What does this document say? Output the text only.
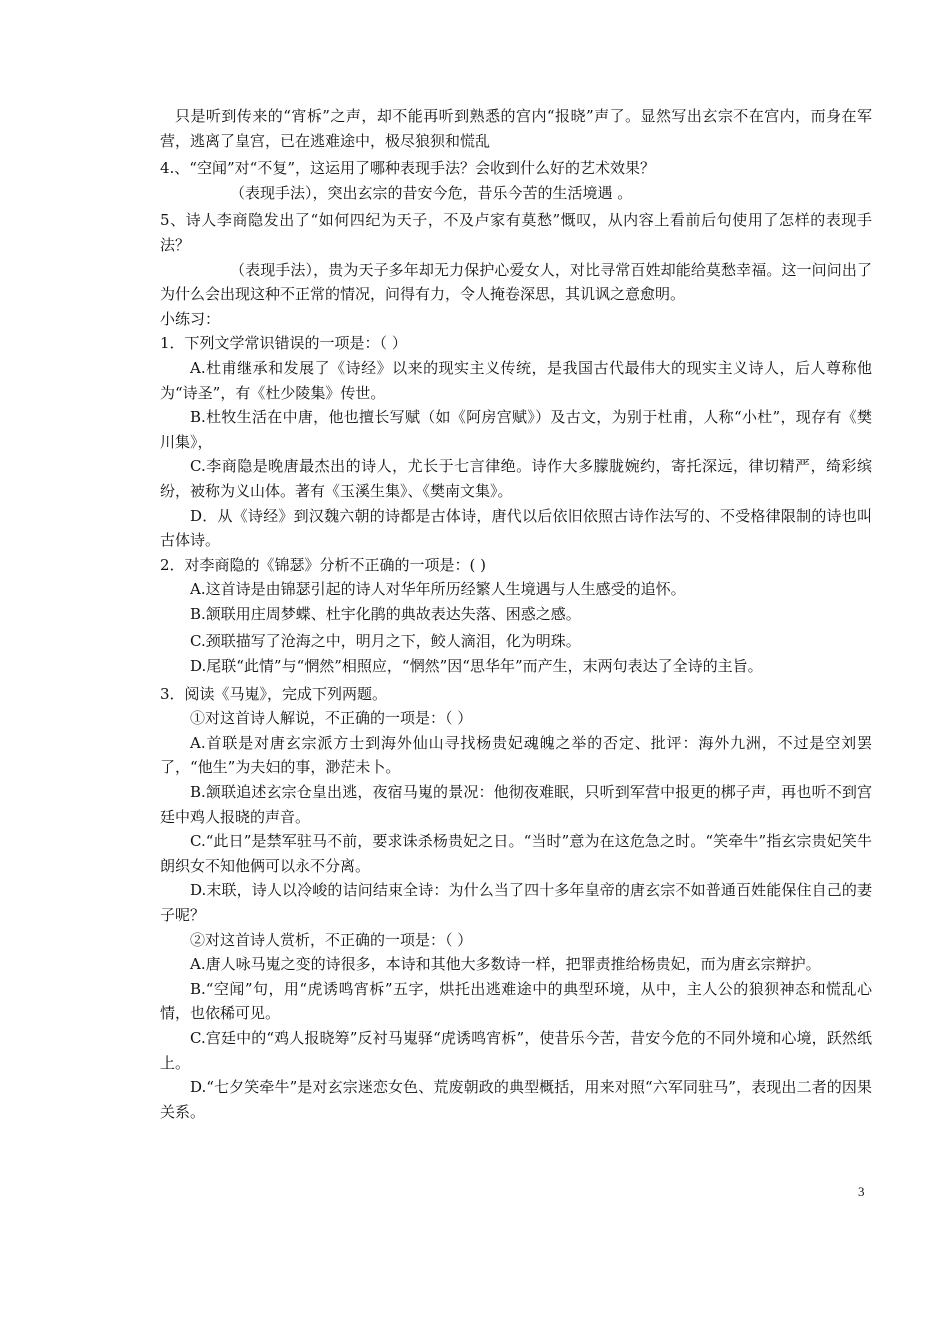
只是听到传来的“宵柝”之声，却不能再听到熟悉的宫内“报晓”声了。显然写出玄宗不在宫内，而身在军营，逃离了皇宫，已在逃难途中，极尽狼狈和慌乱

4.、“空闻”对“不复”，这运用了哪种表现手法？会收到什么好的艺术效果？

（表现手法），突出玄宗的昔安今危，昔乐今苦的生活境遇 。

5、诗人李商隐发出了“如何四纪为天子，不及卢家有莫愁”慨叹，从内容上看前后句使用了怎样的表现手法？

（表现手法），贵为天子多年却无力保护心爱女人，对比寻常百姓却能给莫愁幸福。这一问问出了为什么会出现这种不正常的情况，问得有力，令人掩卷深思，其讥讽之意愈明。

小练习：

1．下列文学常识错误的一项是：（ ）

A.杜甫继承和发展了《诗经》以来的现实主义传统，是我国古代最伟大的现实主义诗人，后人尊称他为“诗圣”，有《杜少陵集》传世。

B.杜牧生活在中唐，他也擅长写赋（如《阿房宫赋》）及古文，为别于杜甫，人称“小杜”，现存有《樊川集》，

C.李商隐是晚唐最杰出的诗人，尤长于七言律绝。诗作大多朦胧婉约，寄托深远，律切精严，绮彩缤纷，被称为义山体。著有《玉溪生集》、《樊南文集》。

D．从《诗经》到汉魏六朝的诗都是古体诗，唐代以后依旧依照古诗作法写的、不受格律限制的诗也叫古体诗。

2．对李商隐的《锦瑟》分析不正确的一项是：( )

A.这首诗是由锦瑟引起的诗人对华年所历经繁人生境遇与人生感受的追怀。

B.颔联用庄周梦蝶、杜宇化鹃的典故表达失落、困惑之感。

C.颈联描写了沧海之中，明月之下，鲛人滴泪，化为明珠。

D.尾联“此情”与“惘然”相照应，“惘然”因“思华年”而产生，末两句表达了全诗的主旨。

3．阅读《马嵬》，完成下列两题。

①对这首诗人解说，不正确的一项是：（ ）

A.首联是对唐玄宗派方士到海外仙山寻找杨贵妃魂魄之举的否定、批评：海外九洲，不过是空刘罢了，“他生”为夫妇的事，渺茫未卜。

B.颔联追述玄宗仓皇出逃，夜宿马嵬的景况：他彻夜难眠，只听到军营中报更的梆子声，再也听不到宫廷中鸡人报晓的声音。

C.“此日”是禁军驻马不前，要求诛杀杨贵妃之日。“当时”意为在这危急之时。“笑牵牛”指玄宗贵妃笑牛朗织女不知他俩可以永不分离。

D.末联，诗人以冷峻的诘问结束全诗：为什么当了四十多年皇帝的唐玄宗不如普通百姓能保住自己的妻子呢？

②对这首诗人赏析，不正确的一项是：（ ）

A.唐人咏马嵬之变的诗很多，本诗和其他大多数诗一样，把罪责推给杨贵妃，而为唐玄宗辩护。

B.“空闻”句，用“虎诱鸣宵柝”五字，烘托出逃难途中的典型环境，从中，主人公的狼狈神态和慌乱心情，也依稀可见。

C.宫廷中的“鸡人报晓筹”反衬马嵬驿“虎诱鸣宵柝”，使昔乐今苦，昔安今危的不同外境和心境，跃然纸上。

D.“七夕笑牵牛”是对玄宗迷恋女色、荒废朝政的典型概括，用来对照“六军同驻马”，表现出二者的因果关系。

3
